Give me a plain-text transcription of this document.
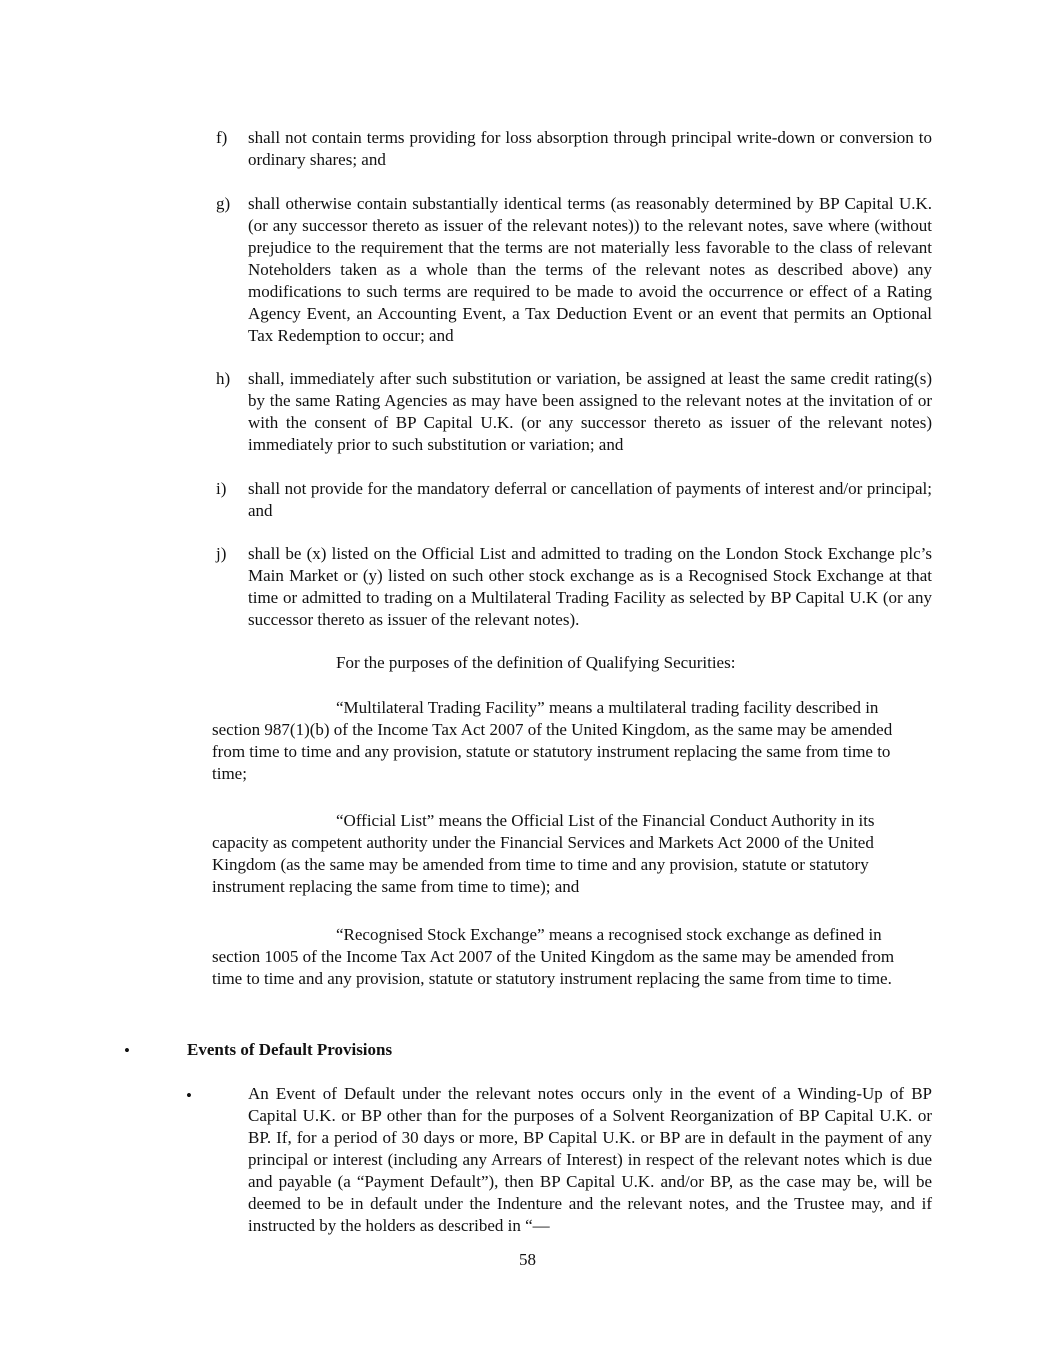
f) shall not contain terms providing for loss absorption through principal write-down or conversion to ordinary shares; and
g) shall otherwise contain substantially identical terms (as reasonably determined by BP Capital U.K. (or any successor thereto as issuer of the relevant notes)) to the relevant notes, save where (without prejudice to the requirement that the terms are not materially less favorable to the class of relevant Noteholders taken as a whole than the terms of the relevant notes as described above) any modifications to such terms are required to be made to avoid the occurrence or effect of a Rating Agency Event, an Accounting Event, a Tax Deduction Event or an event that permits an Optional Tax Redemption to occur; and
h) shall, immediately after such substitution or variation, be assigned at least the same credit rating(s) by the same Rating Agencies as may have been assigned to the relevant notes at the invitation of or with the consent of BP Capital U.K. (or any successor thereto as issuer of the relevant notes) immediately prior to such substitution or variation; and
i) shall not provide for the mandatory deferral or cancellation of payments of interest and/or principal; and
j) shall be (x) listed on the Official List and admitted to trading on the London Stock Exchange plc’s Main Market or (y) listed on such other stock exchange as is a Recognised Stock Exchange at that time or admitted to trading on a Multilateral Trading Facility as selected by BP Capital U.K (or any successor thereto as issuer of the relevant notes).
For the purposes of the definition of Qualifying Securities:
“Multilateral Trading Facility” means a multilateral trading facility described in section 987(1)(b) of the Income Tax Act 2007 of the United Kingdom, as the same may be amended from time to time and any provision, statute or statutory instrument replacing the same from time to time;
“Official List” means the Official List of the Financial Conduct Authority in its capacity as competent authority under the Financial Services and Markets Act 2000 of the United Kingdom (as the same may be amended from time to time and any provision, statute or statutory instrument replacing the same from time to time); and
“Recognised Stock Exchange” means a recognised stock exchange as defined in section 1005 of the Income Tax Act 2007 of the United Kingdom as the same may be amended from time to time and any provision, statute or statutory instrument replacing the same from time to time.
•	Events of Default Provisions
•	An Event of Default under the relevant notes occurs only in the event of a Winding-Up of BP Capital U.K. or BP other than for the purposes of a Solvent Reorganization of BP Capital U.K. or BP. If, for a period of 30 days or more, BP Capital U.K. or BP are in default in the payment of any principal or interest (including any Arrears of Interest) in respect of the relevant notes which is due and payable (a “Payment Default”), then BP Capital U.K. and/or BP, as the case may be, will be deemed to be in default under the Indenture and the relevant notes, and the Trustee may, and if instructed by the holders as described in “—
58
